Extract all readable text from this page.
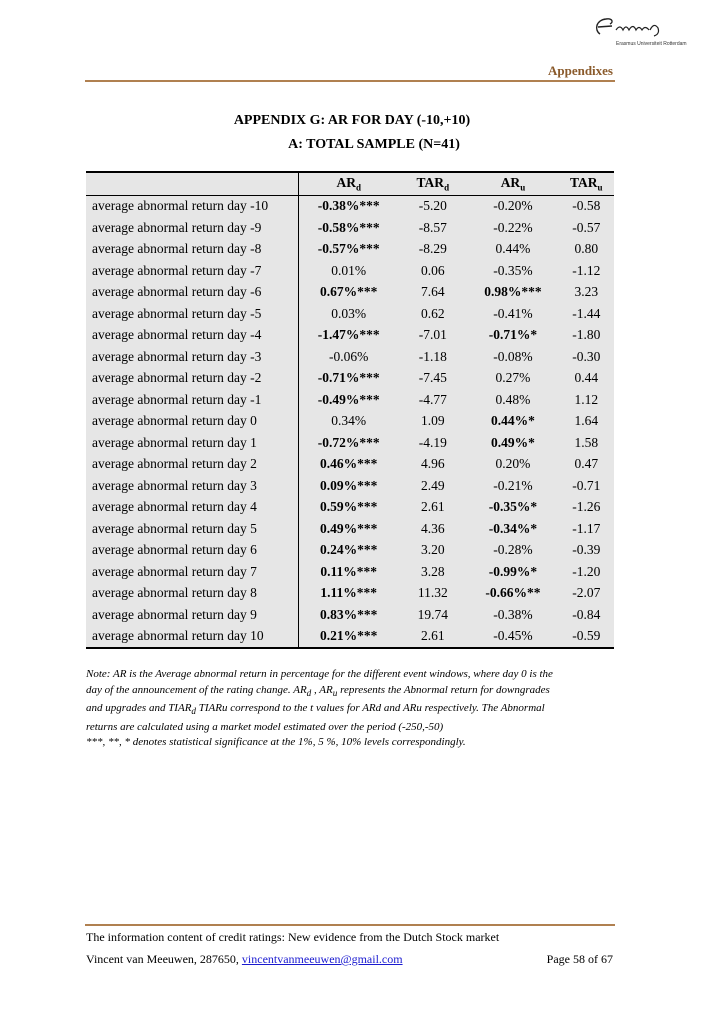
Erasmus Universiteit Rotterdam
Appendixes
APPENDIX G: AR FOR DAY (-10,+10)
A: TOTAL SAMPLE (N=41)
	$AR_d$	$TAR_d$	$AR_u$	$TAR_u$
average abnormal return day -10	-0.38%***	-5.20	-0.20%	-0.58
average abnormal return day -9	-0.58%***	-8.57	-0.22%	-0.57
average abnormal return day -8	-0.57%***	-8.29	0.44%	0.80
average abnormal return day -7	0.01%	0.06	-0.35%	-1.12
average abnormal return day -6	0.67%***	7.64	0.98%***	3.23
average abnormal return day -5	0.03%	0.62	-0.41%	-1.44
average abnormal return day -4	-1.47%***	-7.01	-0.71%*	-1.80
average abnormal return day -3	-0.06%	-1.18	-0.08%	-0.30
average abnormal return day -2	-0.71%***	-7.45	0.27%	0.44
average abnormal return day -1	-0.49%***	-4.77	0.48%	1.12
average abnormal return day 0	0.34%	1.09	0.44%*	1.64
average abnormal return day 1	-0.72%***	-4.19	0.49%*	1.58
average abnormal return day 2	0.46%***	4.96	0.20%	0.47
average abnormal return day 3	0.09%***	2.49	-0.21%	-0.71
average abnormal return day 4	0.59%***	2.61	-0.35%*	-1.26
average abnormal return day 5	0.49%***	4.36	-0.34%*	-1.17
average abnormal return day 6	0.24%***	3.20	-0.28%	-0.39
average abnormal return day 7	0.11%***	3.28	-0.99%*	-1.20
average abnormal return day 8	1.11%***	11.32	-0.66%**	-2.07
average abnormal return day 9	0.83%***	19.74	-0.38%	-0.84
average abnormal return day 10	0.21%***	2.61	-0.45%	-0.59
Note: AR is the Average abnormal return in percentage for the different event windows, where day 0 is the
day of the announcement of the rating change. $AR_d$ , $AR_u$ represents the Abnormal return for downgrades
and upgrades and $TIAR_d$ TIARu correspond to the t values for ARd and ARu respectively. The Abnormal
returns are calculated using a market model estimated over the period (-250,-50)
***, **, * denotes statistical significance at the 1%, 5 %, 10% levels correspondingly.
The information content of credit ratings: New evidence from the Dutch Stock market
Vincent van Meeuwen, 287650, vincentvanmeeuwen@gmail.com	Page 58 of 67
